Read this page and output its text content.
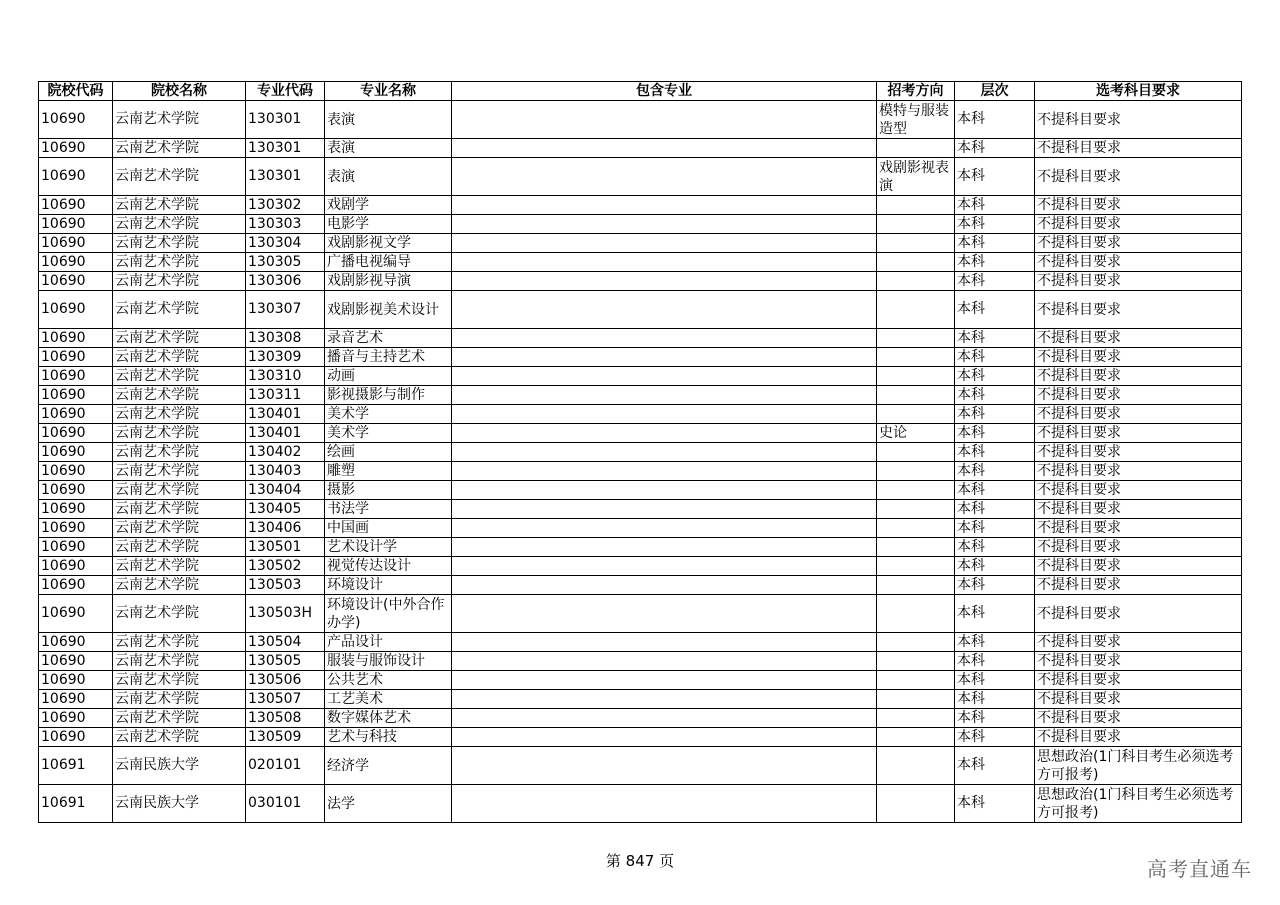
院校代码	院校名称	专业代码	专业名称	包含专业	招考方向	层次	选考科目要求
10690	云南艺术学院	130301	表演		模特与服装造型	本科	不提科目要求
10690	云南艺术学院	130301	表演			本科	不提科目要求
10690	云南艺术学院	130301	表演		戏剧影视表演	本科	不提科目要求
10690	云南艺术学院	130302	戏剧学			本科	不提科目要求
10690	云南艺术学院	130303	电影学			本科	不提科目要求
10690	云南艺术学院	130304	戏剧影视文学			本科	不提科目要求
10690	云南艺术学院	130305	广播电视编导			本科	不提科目要求
10690	云南艺术学院	130306	戏剧影视导演			本科	不提科目要求
10690	云南艺术学院	130307	戏剧影视美术设计			本科	不提科目要求
10690	云南艺术学院	130308	录音艺术			本科	不提科目要求
10690	云南艺术学院	130309	播音与主持艺术			本科	不提科目要求
10690	云南艺术学院	130310	动画			本科	不提科目要求
10690	云南艺术学院	130311	影视摄影与制作			本科	不提科目要求
10690	云南艺术学院	130401	美术学			本科	不提科目要求
10690	云南艺术学院	130401	美术学		史论	本科	不提科目要求
10690	云南艺术学院	130402	绘画			本科	不提科目要求
10690	云南艺术学院	130403	雕塑			本科	不提科目要求
10690	云南艺术学院	130404	摄影			本科	不提科目要求
10690	云南艺术学院	130405	书法学			本科	不提科目要求
10690	云南艺术学院	130406	中国画			本科	不提科目要求
10690	云南艺术学院	130501	艺术设计学			本科	不提科目要求
10690	云南艺术学院	130502	视觉传达设计			本科	不提科目要求
10690	云南艺术学院	130503	环境设计			本科	不提科目要求
10690	云南艺术学院	130503H	环境设计(中外合作办学)			本科	不提科目要求
10690	云南艺术学院	130504	产品设计			本科	不提科目要求
10690	云南艺术学院	130505	服装与服饰设计			本科	不提科目要求
10690	云南艺术学院	130506	公共艺术			本科	不提科目要求
10690	云南艺术学院	130507	工艺美术			本科	不提科目要求
10690	云南艺术学院	130508	数字媒体艺术			本科	不提科目要求
10690	云南艺术学院	130509	艺术与科技			本科	不提科目要求
10691	云南民族大学	020101	经济学			本科	思想政治(1门科目考生必须选考方可报考)
10691	云南民族大学	030101	法学			本科	思想政治(1门科目考生必须选考方可报考)
第 847 页	高考直通车
